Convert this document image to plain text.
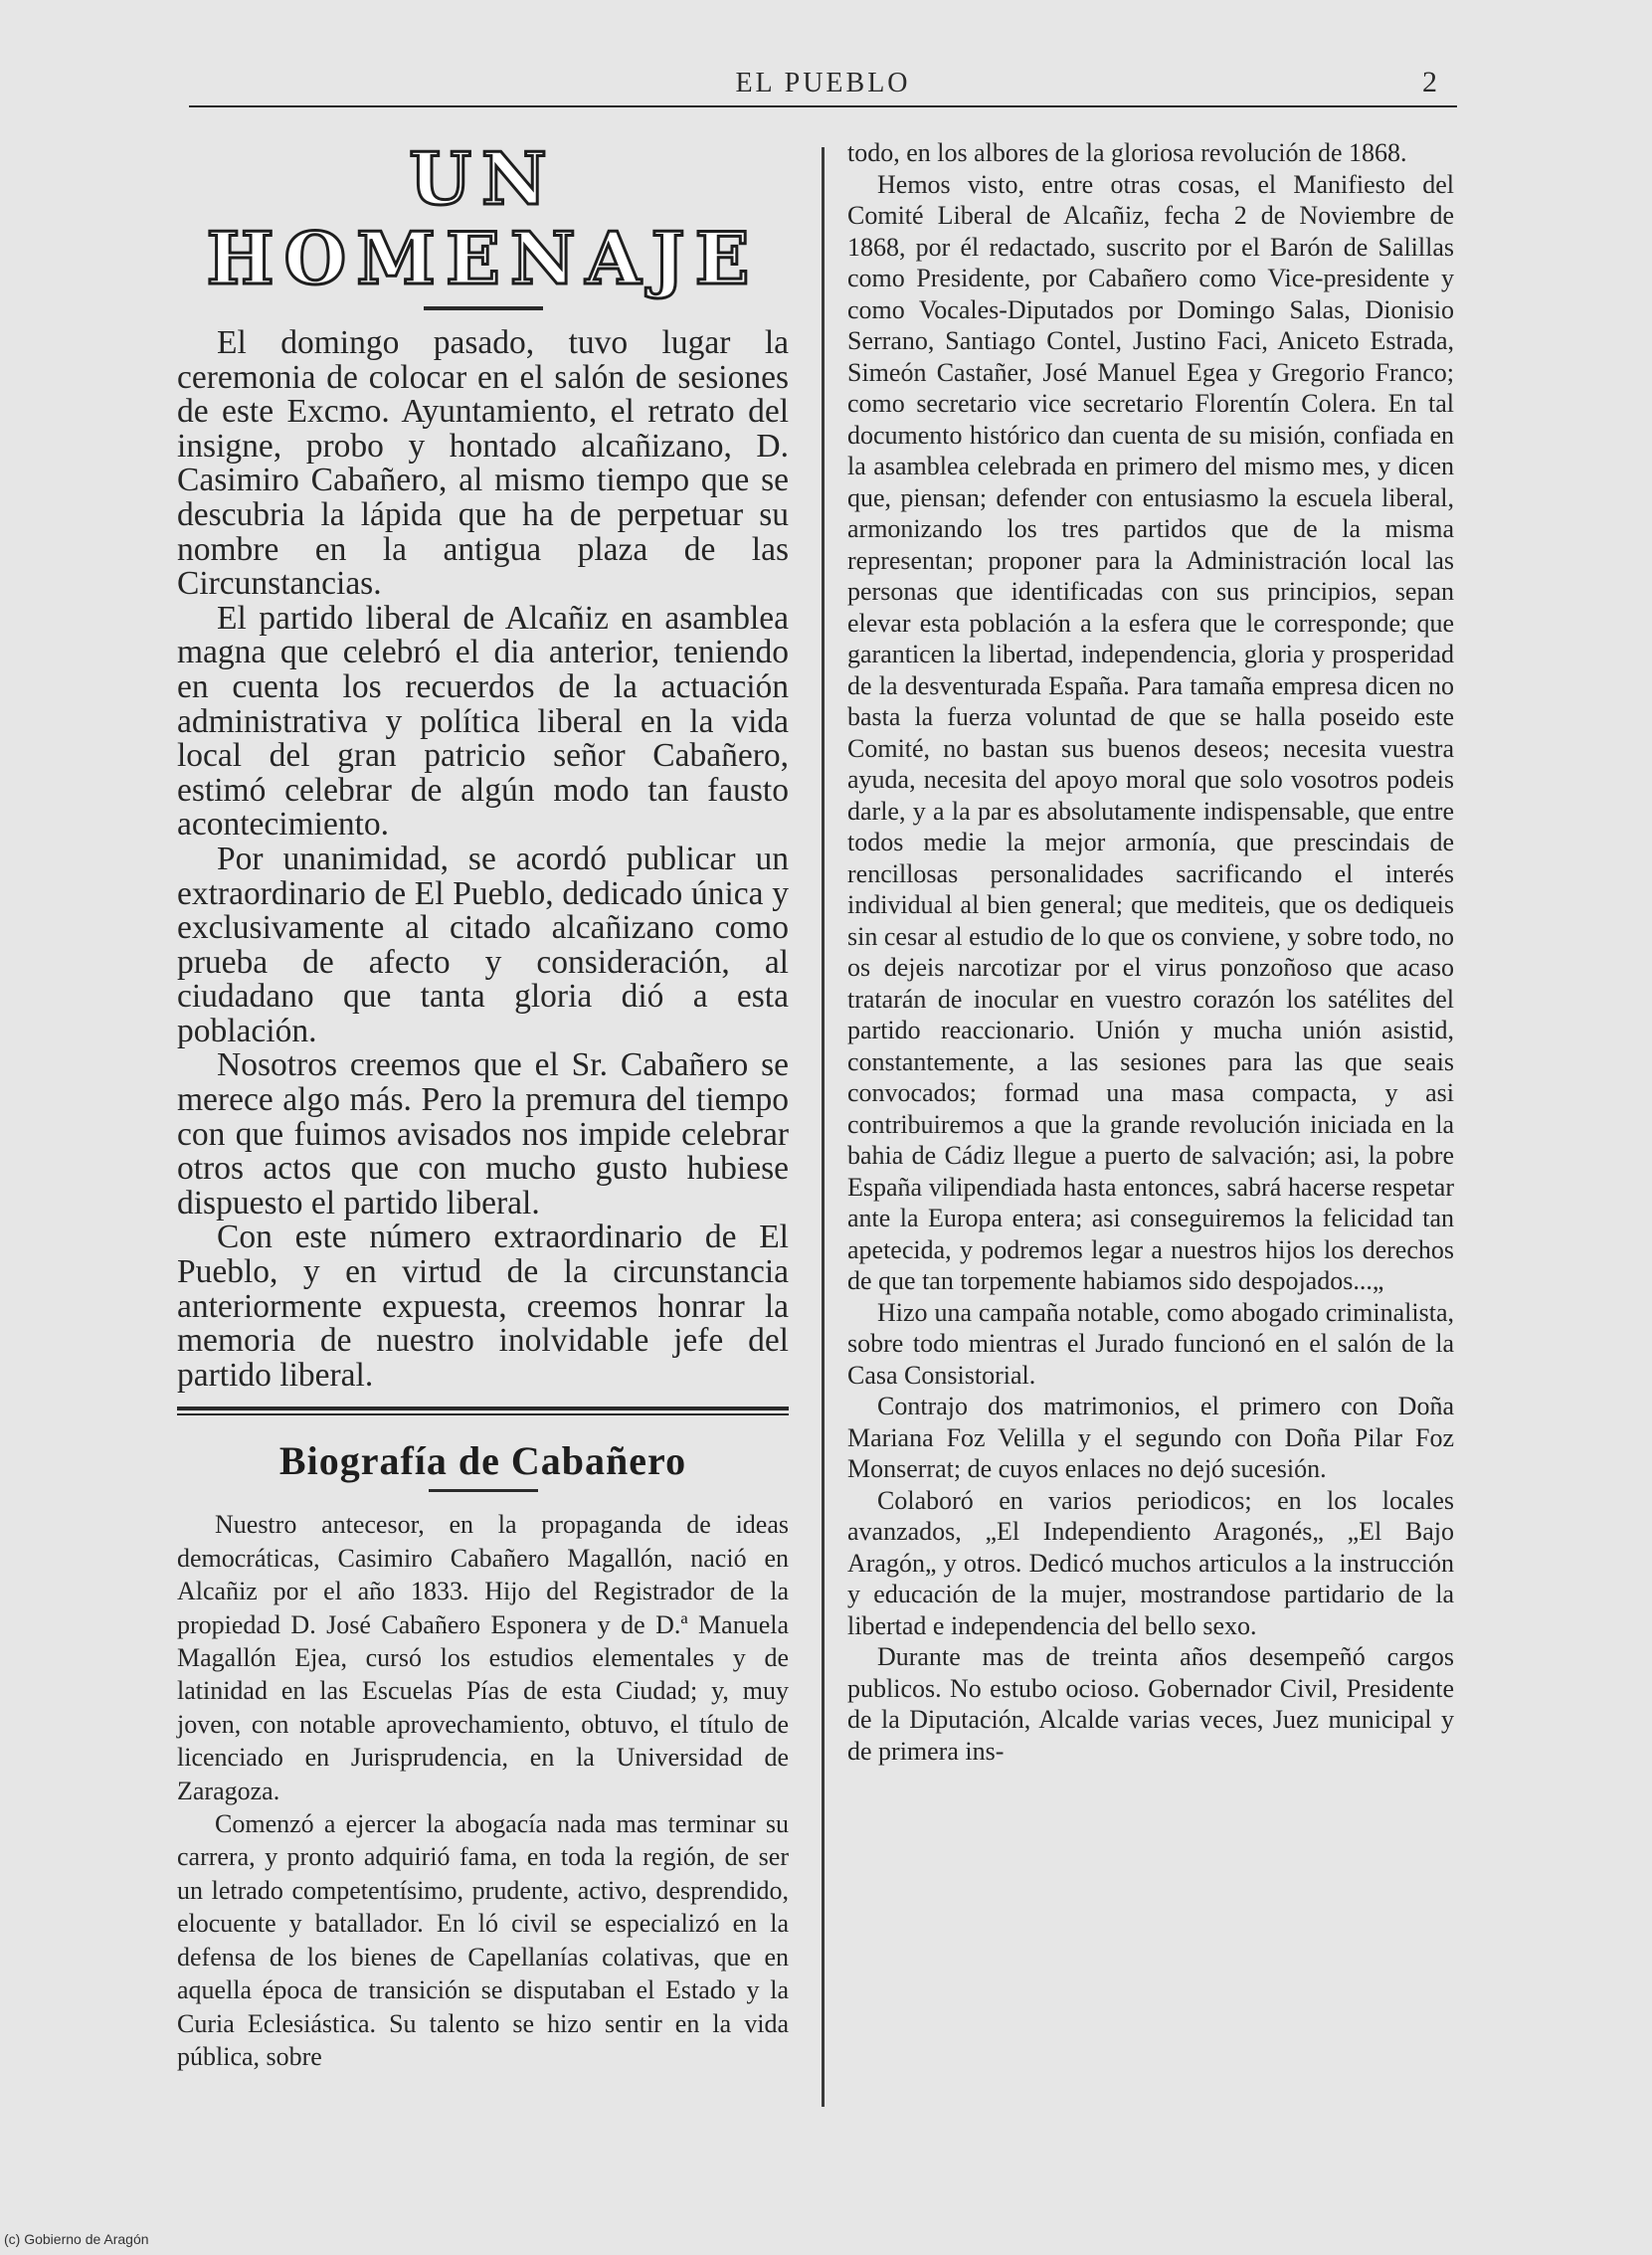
EL PUEBLO	2
UN HOMENAJE

El domingo pasado, tuvo lugar la ceremonia de colocar en el salón de sesiones de este Excmo. Ayuntamiento, el retrato del insigne, probo y hontado alcañizano, D. Casimiro Cabañero, al mismo tiempo que se descubria la lápida que ha de perpetuar su nombre en la antigua plaza de las Circunstancias.

El partido liberal de Alcañiz en asamblea magna que celebró el dia anterior, teniendo en cuenta los recuerdos de la actuación administrativa y política liberal en la vida local del gran patricio señor Cabañero, estimó celebrar de algún modo tan fausto acontecimiento.

Por unanimidad, se acordó publicar un extraordinario de El Pueblo, dedicado única y exclusivamente al citado alcañizano como prueba de afecto y consideración, al ciudadano que tanta gloria dió a esta población.

Nosotros creemos que el Sr. Cabañero se merece algo más. Pero la premura del tiempo con que fuimos avisados nos impide celebrar otros actos que con mucho gusto hubiese dispuesto el partido liberal.

Con este número extraordinario de El Pueblo, y en virtud de la circunstancia anteriormente expuesta, creemos honrar la memoria de nuestro inolvidable jefe del partido liberal.

Biografía de Cabañero

Nuestro antecesor, en la propaganda de ideas democráticas, Casimiro Cabañero Magallón, nació en Alcañiz por el año 1833. Hijo del Registrador de la propiedad D. José Cabañero Esponera y de D.ª Manuela Magallón Ejea, cursó los estudios elementales y de latinidad en las Escuelas Pías de esta Ciudad; y, muy joven, con notable aprovechamiento, obtuvo, el título de licenciado en Jurisprudencia, en la Universidad de Zaragoza.

Comenzó a ejercer la abogacía nada mas terminar su carrera, y pronto adquirió fama, en toda la región, de ser un letrado competentísimo, prudente, activo, desprendido, elocuente y batallador. En ló civil se especializó en la defensa de los bienes de Capellanías colativas, que en aquella época de transición se disputaban el Estado y la Curia Eclesiástica. Su talento se hizo sentir en la vida pública, sobre

todo, en los albores de la gloriosa revolución de 1868.

Hemos visto, entre otras cosas, el Manifiesto del Comité Liberal de Alcañiz, fecha 2 de Noviembre de 1868, por él redactado, suscrito por el Barón de Salillas como Presidente, por Cabañero como Vice-presidente y como Vocales-Diputados por Domingo Salas, Dionisio Serrano, Santiago Contel, Justino Faci, Aniceto Estrada, Simeón Castañer, José Manuel Egea y Gregorio Franco; como secretario vice secretario Florentín Colera. En tal documento histórico dan cuenta de su misión, confiada en la asamblea celebrada en primero del mismo mes, y dicen que, piensan; defender con entusiasmo la escuela liberal, armonizando los tres partidos que de la misma representan; proponer para la Administración local las personas que identificadas con sus principios, sepan elevar esta población a la esfera que le corresponde; que garanticen la libertad, independencia, gloria y prosperidad de la desventurada España. Para tamaña empresa dicen no basta la fuerza voluntad de que se halla poseido este Comité, no bastan sus buenos deseos; necesita vuestra ayuda, necesita del apoyo moral que solo vosotros podeis darle, y a la par es absolutamente indispensable, que entre todos medie la mejor armonía, que prescindais de rencillosas personalidades sacrificando el interés individual al bien general; que mediteis, que os dediqueis sin cesar al estudio de lo que os conviene, y sobre todo, no os dejeis narcotizar por el virus ponzoñoso que acaso tratarán de inocular en vuestro corazón los satélites del partido reaccionario. Unión y mucha unión asistid, constantemente, a las sesiones para las que seais convocados; formad una masa compacta, y asi contribuiremos a que la grande revolución iniciada en la bahia de Cádiz llegue a puerto de salvación; asi, la pobre España vilipendiada hasta entonces, sabrá hacerse respetar ante la Europa entera; asi conseguiremos la felicidad tan apetecida, y podremos legar a nuestros hijos los derechos de que tan torpemente habiamos sido despojados...„

Hizo una campaña notable, como abogado criminalista, sobre todo mientras el Jurado funcionó en el salón de la Casa Consistorial.

Contrajo dos matrimonios, el primero con Doña Mariana Foz Velilla y el segundo con Doña Pilar Foz Monserrat; de cuyos enlaces no dejó sucesión.

Colaboró en varios periodicos; en los locales avanzados, „El Independiento Aragonés„ „El Bajo Aragón„ y otros. Dedicó muchos articulos a la instrucción y educación de la mujer, mostrandose partidario de la libertad e independencia del bello sexo.

Durante mas de treinta años desempeñó cargos publicos. No estubo ocioso. Gobernador Civil, Presidente de la Diputación, Alcalde varias veces, Juez municipal y de primera ins-

(c) Gobierno de Aragón
